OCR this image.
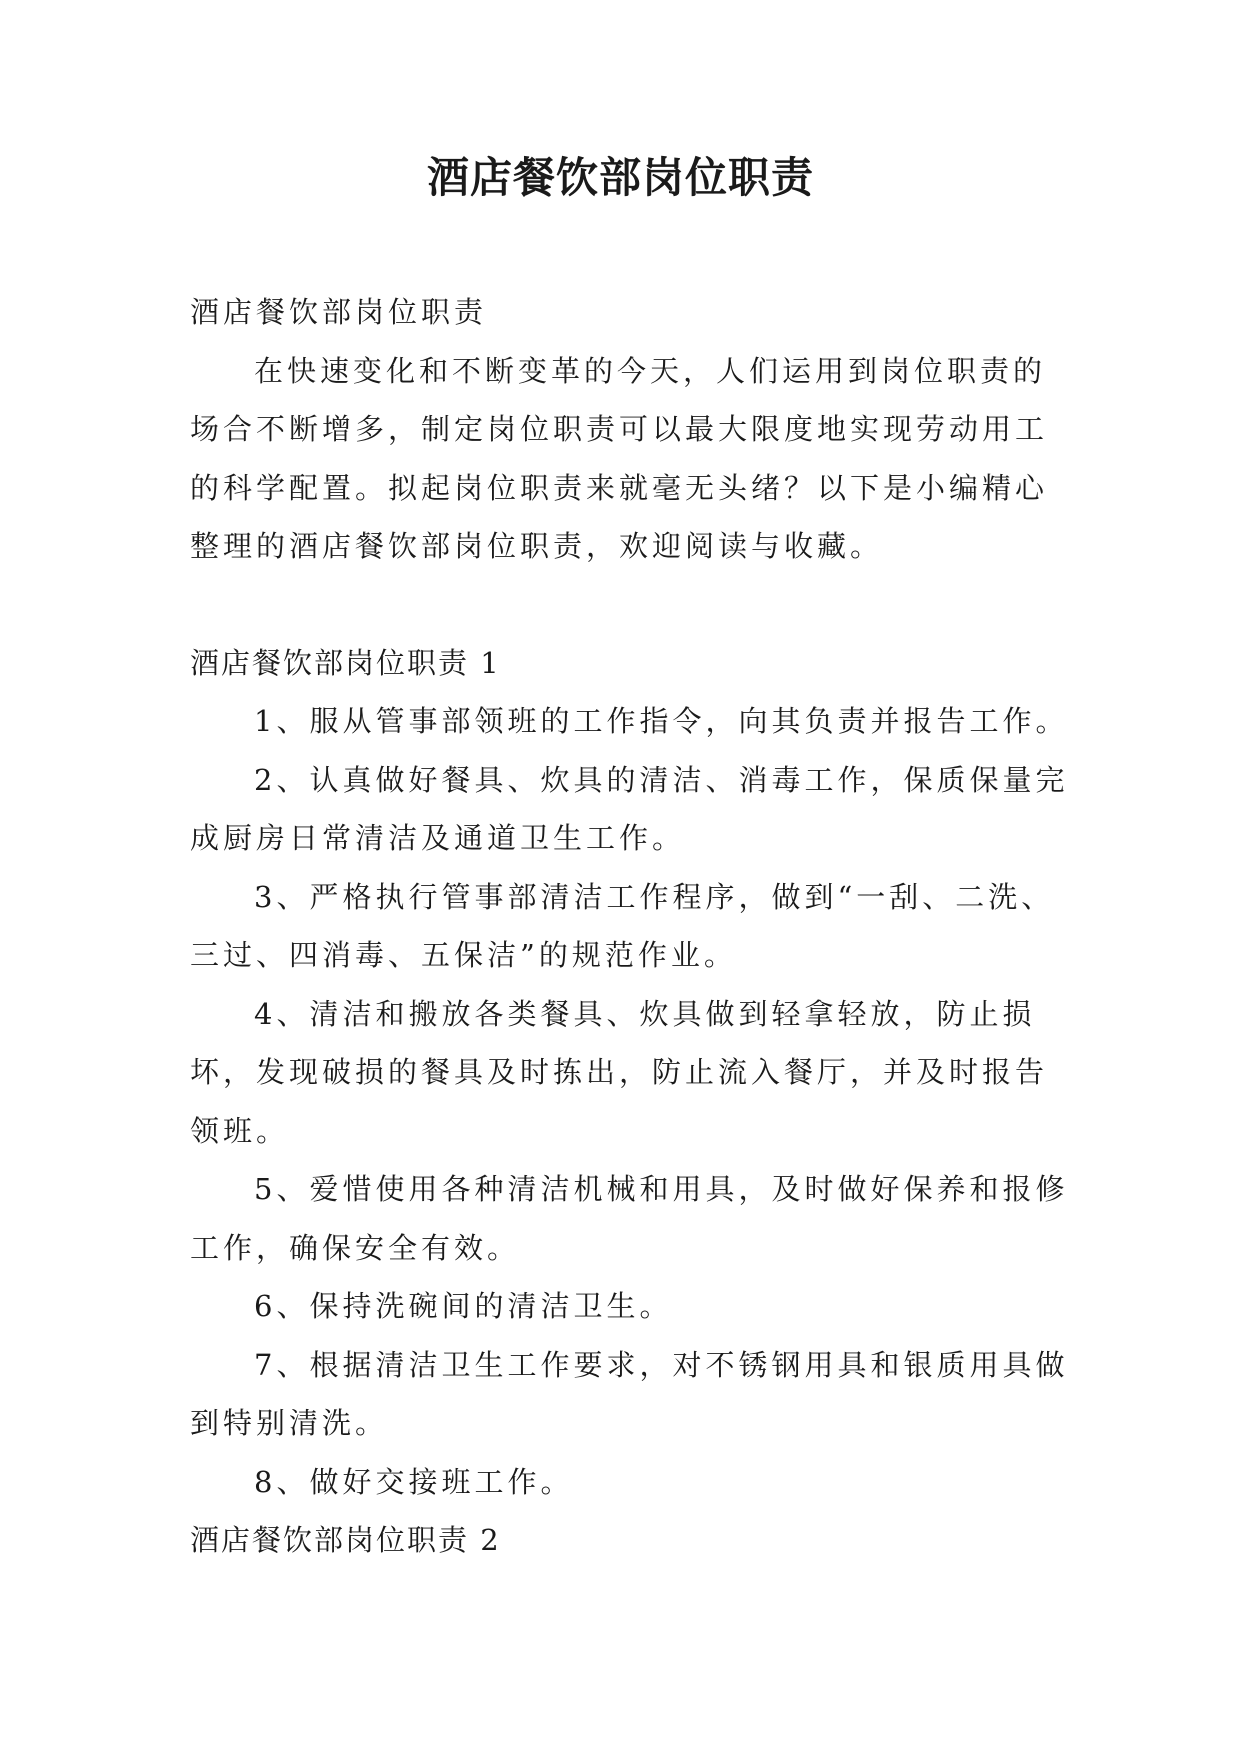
酒店餐饮部岗位职责

酒店餐饮部岗位职责

在快速变化和不断变革的今天，人们运用到岗位职责的场合不断增多，制定岗位职责可以最大限度地实现劳动用工的科学配置。拟起岗位职责来就毫无头绪？以下是小编精心整理的酒店餐饮部岗位职责，欢迎阅读与收藏。

酒店餐饮部岗位职责 1

1、服从管事部领班的工作指令，向其负责并报告工作。

2、认真做好餐具、炊具的清洁、消毒工作，保质保量完成厨房日常清洁及通道卫生工作。

3、严格执行管事部清洁工作程序，做到“一刮、二洗、三过、四消毒、五保洁”的规范作业。

4、清洁和搬放各类餐具、炊具做到轻拿轻放，防止损坏，发现破损的餐具及时拣出，防止流入餐厅，并及时报告领班。

5、爱惜使用各种清洁机械和用具，及时做好保养和报修工作，确保安全有效。

6、保持洗碗间的清洁卫生。

7、根据清洁卫生工作要求，对不锈钢用具和银质用具做到特别清洗。

8、做好交接班工作。

酒店餐饮部岗位职责 2
